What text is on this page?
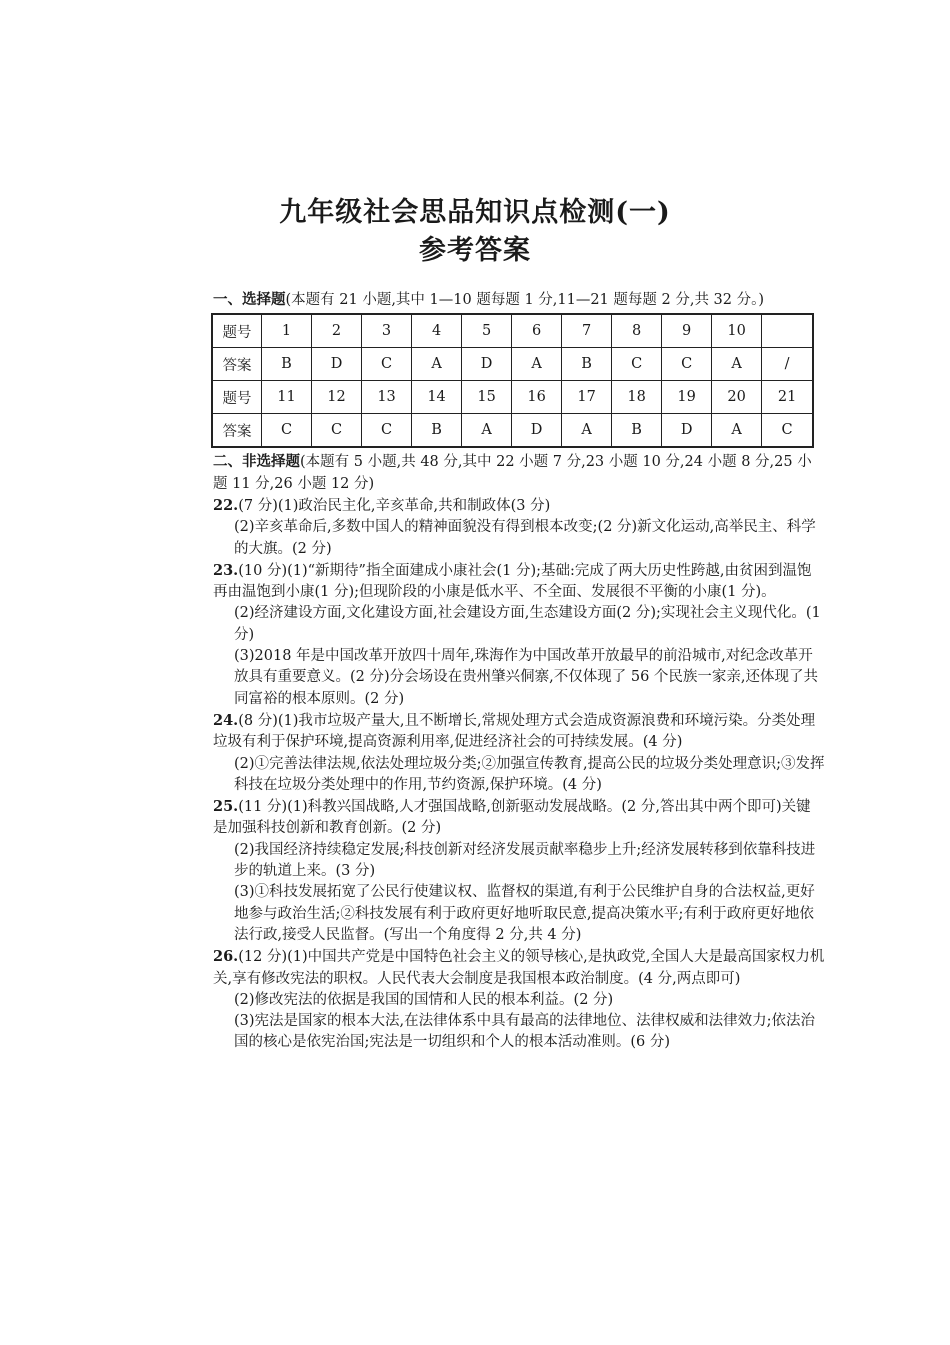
九年级社会思品知识点检测(一)
参考答案
一、选择题(本题有 21 小题,其中 1—10 题每题 1 分,11—21 题每题 2 分,共 32 分。)
题号	1	2	3	4	5	6	7	8	9	10	
答案	B	D	C	A	D	A	B	C	C	A	/
题号	11	12	13	14	15	16	17	18	19	20	21
答案	C	C	C	B	A	D	A	B	D	A	C
二、非选择题(本题有 5 小题,共 48 分,其中 22 小题 7 分,23 小题 10 分,24 小题 8 分,25 小题 11 分,26 小题 12 分)

22.(7 分)(1)政治民主化,辛亥革命,共和制政体(3 分)

(2)辛亥革命后,多数中国人的精神面貌没有得到根本改变;(2 分)新文化运动,高举民主、科学的大旗。(2 分)

23.(10 分)(1)“新期待”指全面建成小康社会(1 分);基础:完成了两大历史性跨越,由贫困到温饱再由温饱到小康(1 分);但现阶段的小康是低水平、不全面、发展很不平衡的小康(1 分)。

(2)经济建设方面,文化建设方面,社会建设方面,生态建设方面(2 分);实现社会主义现代化。(1 分)

(3)2018 年是中国改革开放四十周年,珠海作为中国改革开放最早的前沿城市,对纪念改革开放具有重要意义。(2 分)分会场设在贵州肇兴侗寨,不仅体现了 56 个民族一家亲,还体现了共同富裕的根本原则。(2 分)

24.(8 分)(1)我市垃圾产量大,且不断增长,常规处理方式会造成资源浪费和环境污染。分类处理垃圾有利于保护环境,提高资源利用率,促进经济社会的可持续发展。(4 分)

(2)①完善法律法规,依法处理垃圾分类;②加强宣传教育,提高公民的垃圾分类处理意识;③发挥科技在垃圾分类处理中的作用,节约资源,保护环境。(4 分)

25.(11 分)(1)科教兴国战略,人才强国战略,创新驱动发展战略。(2 分,答出其中两个即可)关键是加强科技创新和教育创新。(2 分)

(2)我国经济持续稳定发展;科技创新对经济发展贡献率稳步上升;经济发展转移到依靠科技进步的轨道上来。(3 分)

(3)①科技发展拓宽了公民行使建议权、监督权的渠道,有利于公民维护自身的合法权益,更好地参与政治生活;②科技发展有利于政府更好地听取民意,提高决策水平;有利于政府更好地依法行政,接受人民监督。(写出一个角度得 2 分,共 4 分)

26.(12 分)(1)中国共产党是中国特色社会主义的领导核心,是执政党,全国人大是最高国家权力机关,享有修改宪法的职权。人民代表大会制度是我国根本政治制度。(4 分,两点即可)

(2)修改宪法的依据是我国的国情和人民的根本利益。(2 分)

(3)宪法是国家的根本大法,在法律体系中具有最高的法律地位、法律权威和法律效力;依法治国的核心是依宪治国;宪法是一切组织和个人的根本活动准则。(6 分)
